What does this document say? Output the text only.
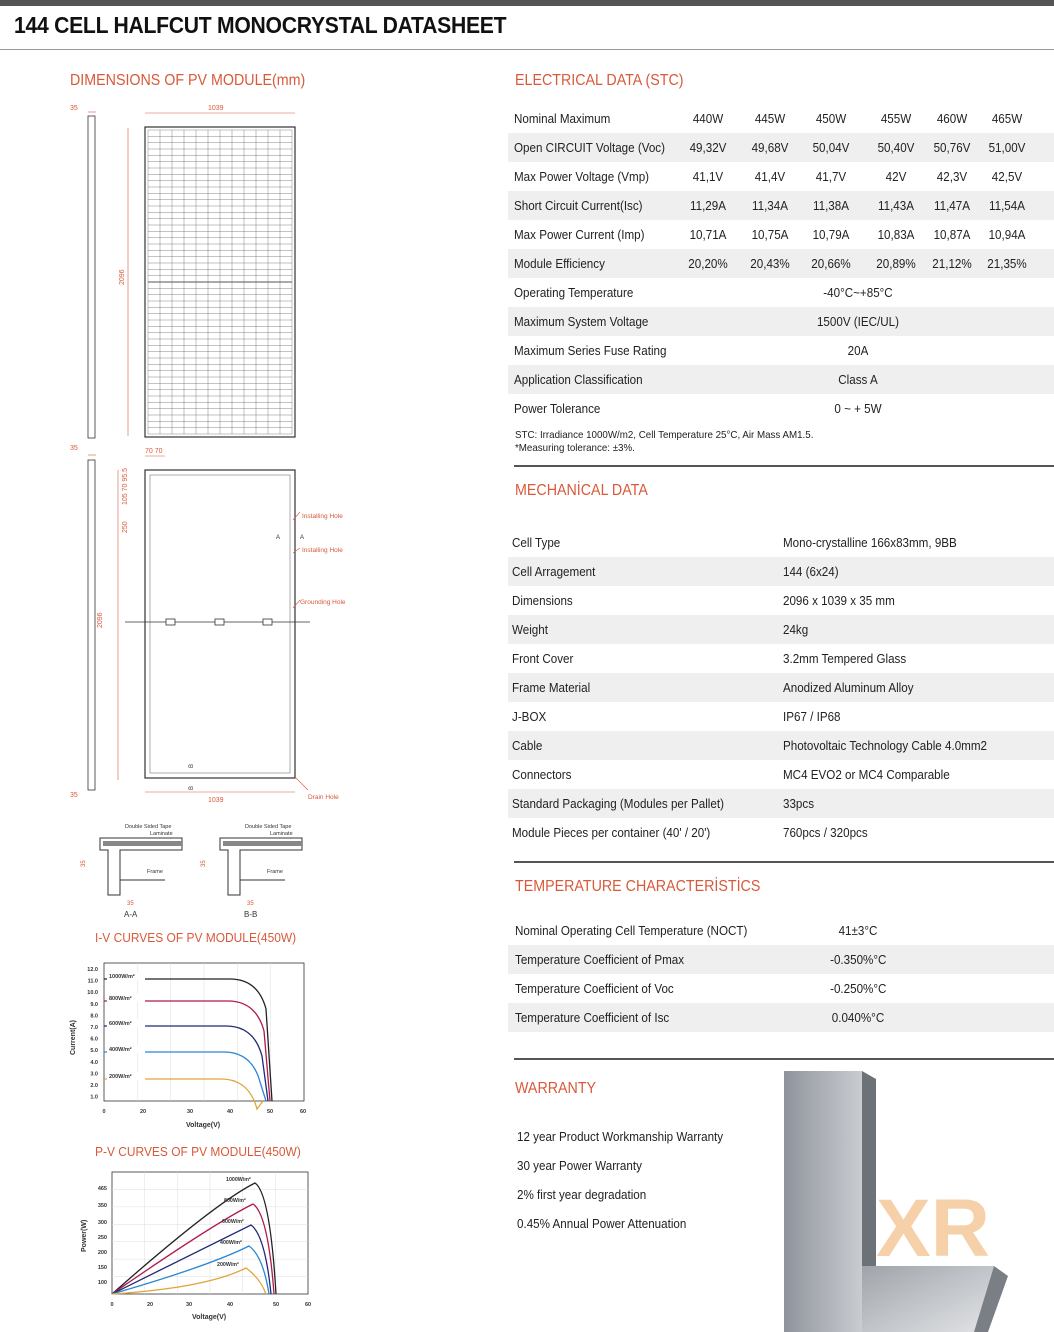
144 CELL HALFCUT MONOCRYSTAL DATASHEET
DIMENSIONS OF PV MODULE(mm)
I-V CURVES OF PV MODULE(450W)
P-V CURVES OF PV MODULE(450W)
35	1039
2096
35	70 70
105 70 95.5
250
2096
A	A
B
B
Installing Hole
Installing Hole
Grounding Hole
Drain Hole
35
1039
Double Sided Tape
Laminate
Frame
35
35
A-A
Double Sided Tape
Laminate
Frame
35
35
B-B
12.0
11.0
10.0
9.0
8.0
7.0
6.0
5.0
4.0
3.0
2.0
1.0
0	20	30	40	50	60
1000W/m²
800W/m²
600W/m²
400W/m²
200W/m²
Current(A)
Voltage(V)
465
350
300
250
200
150
100
0	20	30	40	50	60
1000W/m²
800W/m²
600W/m²
400W/m²
200W/m²
Power(W)
Voltage(V)
ELECTRICAL DATA (STC)
Nominal Maximum	440W	445W	450W	455W	460W	465W
Open CIRCUIT Voltage (Voc)	49,32V	49,68V	50,04V	50,40V	50,76V	51,00V
Max Power Voltage (Vmp)	41,1V	41,4V	41,7V	42V	42,3V	42,5V
Short Circuit Current(Isc)	11,29A	11,34A	11,38A	11,43A	11,47A	11,54A
Max Power Current (Imp)	10,71A	10,75A	10,79A	10,83A	10,87A	10,94A
Module Efficiency	20,20%	20,43%	20,66%	20,89%	21,12%	21,35%
Operating Temperature	-40°C~+85°C
Maximum System Voltage	1500V (IEC/UL)
Maximum Series Fuse Rating	20A
Application Classification	Class A
Power Tolerance	0 ~ + 5W
STC: Irradiance 1000W/m2, Cell Temperature 25°C, Air Mass AM1.5.
*Measuring tolerance: ±3%.
MECHANİCAL DATA
Cell Type	Mono-crystalline 166x83mm, 9BB
Cell Arragement	144 (6x24)
Dimensions	2096 x 1039 x 35 mm
Weight	24kg
Front Cover	3.2mm Tempered Glass
Frame Material	Anodized Aluminum Alloy
J-BOX	IP67 / IP68
Cable	Photovoltaic Technology Cable 4.0mm2
Connectors	MC4 EVO2 or MC4 Comparable
Standard Packaging (Modules per Pallet)	33pcs
Module Pieces per container (40' / 20')	760pcs / 320pcs
TEMPERATURE CHARACTERİSTİCS
Nominal Operating Cell Temperature (NOCT)	41±3°C
Temperature Coefficient of Pmax	-0.350%°C
Temperature Coefficient of Voc	-0.250%°C
Temperature Coefficient of Isc	0.040%°C
WARRANTY
12 year Product Workmanship Warranty
30 year Power Warranty
2% first year degradation
0.45% Annual Power Attenuation XR
